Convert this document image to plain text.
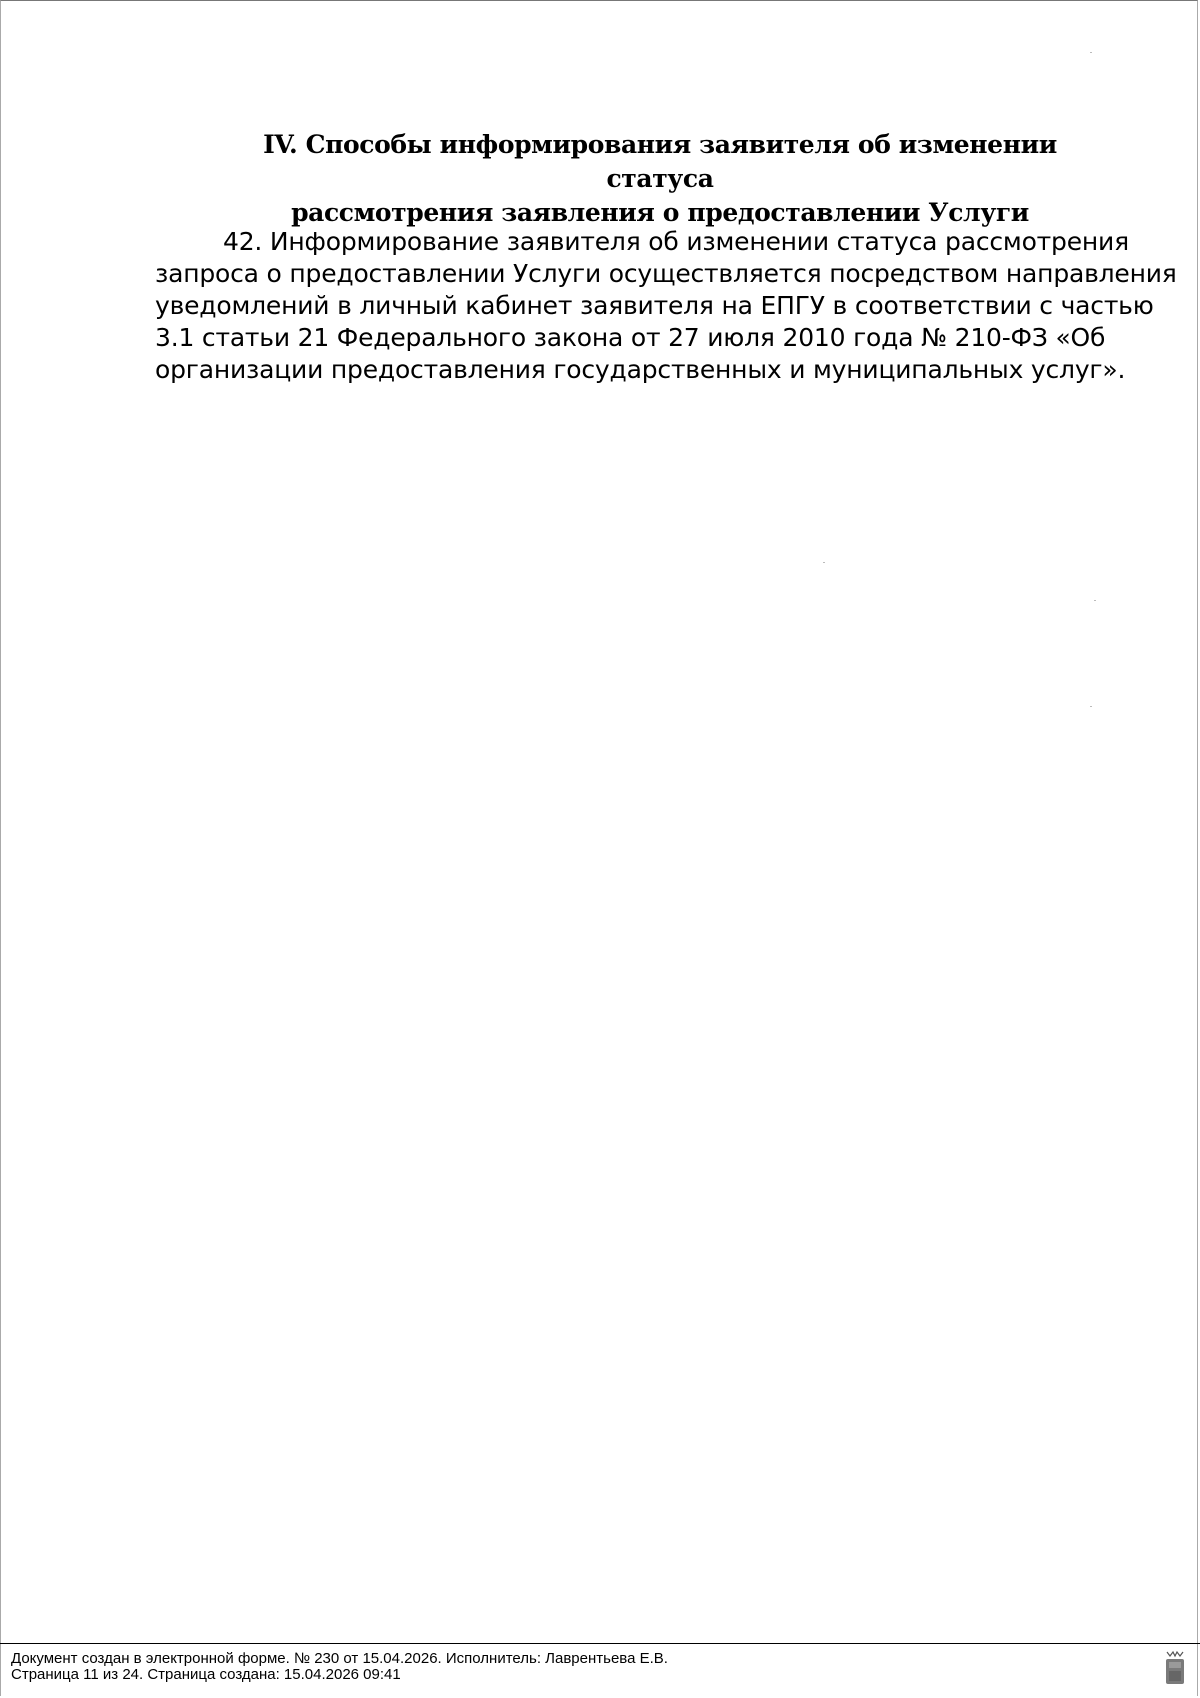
IV. Способы информирования заявителя об изменении статуса
рассмотрения заявления о предоставлении Услуги

42. Информирование заявителя об изменении статуса рассмотрения
запроса о предоставлении Услуги осуществляется посредством направления
уведомлений в личный кабинет заявителя на ЕПГУ в соответствии с частью
3.1 статьи 21 Федерального закона от 27 июля 2010 года № 210-ФЗ «Об
организации предоставления государственных и муниципальных услуг».

Документ создан в электронной форме. № 230 от 15.04.2026. Исполнитель: Лаврентьева Е.В.
Страница 11 из 24. Страница создана: 15.04.2026 09:41
